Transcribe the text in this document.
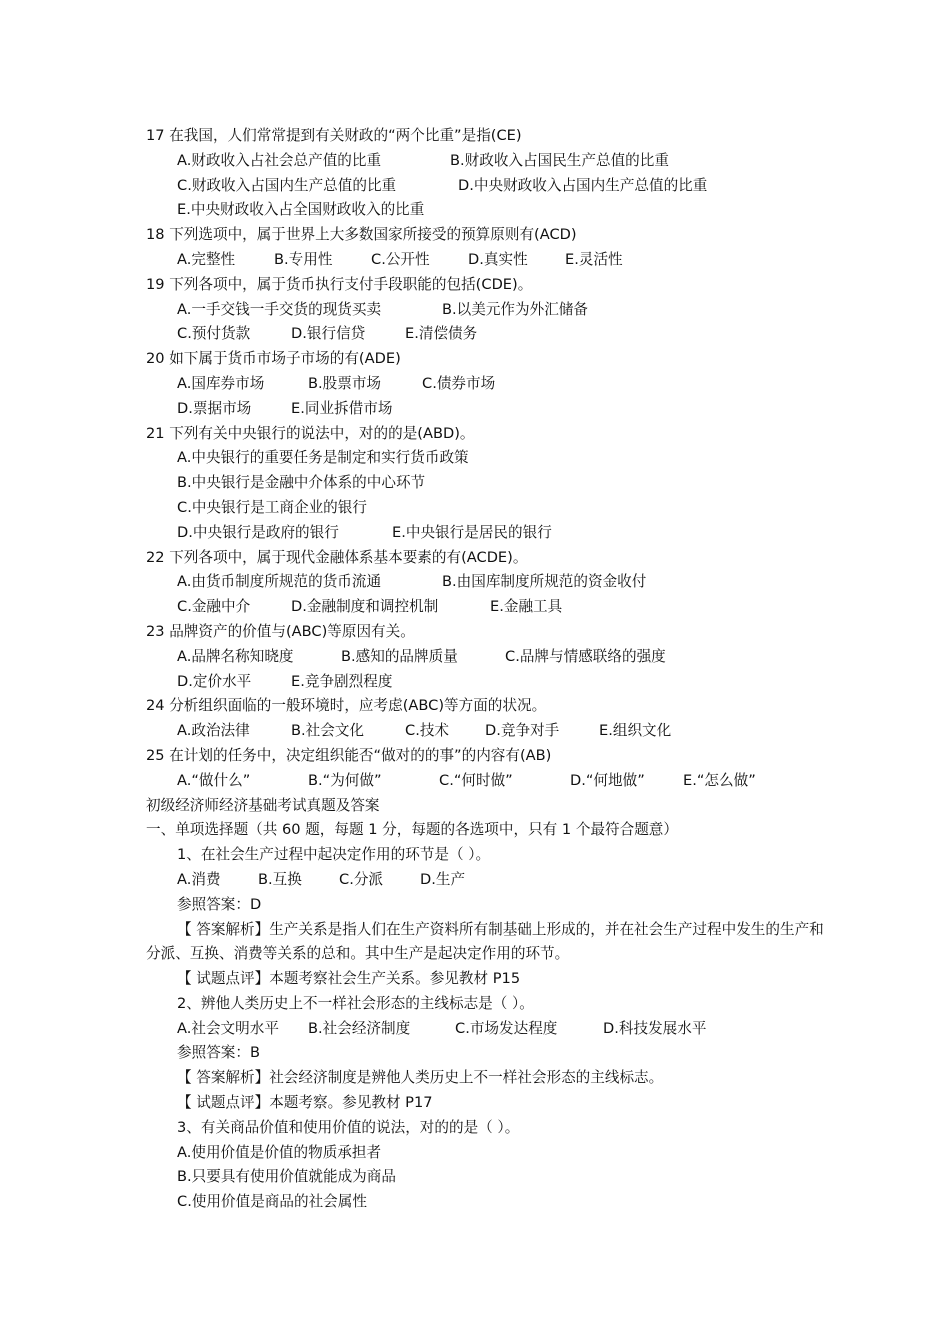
17 在我国，人们常常提到有关财政的“两个比重”是指(CE)
A.财政收入占社会总产值的比重	B.财政收入占国民生产总值的比重
C.财政收入占国内生产总值的比重	D.中央财政收入占国内生产总值的比重
E.中央财政收入占全国财政收入的比重
18 下列选项中，属于世界上大多数国家所接受的预算原则有(ACD)
A.完整性	B.专用性	C.公开性	D.真实性	E.灵活性
19 下列各项中，属于货币执行支付手段职能的包括(CDE)。
A.一手交钱一手交货的现货买卖	B.以美元作为外汇储备
C.预付货款	D.银行信贷	E.清偿债务
20 如下属于货币市场子市场的有(ADE)
A.国库券市场	B.股票市场	C.债券市场
D.票据市场	E.同业拆借市场
21 下列有关中央银行的说法中，对的的是(ABD)。
A.中央银行的重要任务是制定和实行货币政策
B.中央银行是金融中介体系的中心环节
C.中央银行是工商企业的银行
D.中央银行是政府的银行	E.中央银行是居民的银行
22 下列各项中，属于现代金融体系基本要素的有(ACDE)。
A.由货币制度所规范的货币流通	B.由国库制度所规范的资金收付
C.金融中介	D.金融制度和调控机制	E.金融工具
23 品牌资产的价值与(ABC)等原因有关。
A.品牌名称知晓度	B.感知的品牌质量	C.品牌与情感联络的强度
D.定价水平	E.竞争剧烈程度
24 分析组织面临的一般环境时，应考虑(ABC)等方面的状况。
A.政治法律	B.社会文化	C.技术 D.竞争对手	E.组织文化
25 在计划的任务中，决定组织能否“做对的的事”的内容有(AB)
A.“做什么”	B.“为何做”	C.“何时做”	D.“何地做”	E.“怎么做”
初级经济师经济基础考试真题及答案
一、单项选择题（共 60 题，每题 1 分，每题的各选项中，只有 1 个最符合题意）
1、在社会生产过程中起决定作用的环节是（ ）。
A.消费	B.互换	C.分派	D.生产
参照答案：D
【 答案解析】生产关系是指人们在生产资料所有制基础上形成的，并在社会生产过程中发生的生产和分派、互换、消费等关系的总和。其中生产是起决定作用的环节。
【 试题点评】本题考察社会生产关系。参见教材 P15
2、辨他人类历史上不一样社会形态的主线标志是（ ）。
A.社会文明水平 B.社会经济制度	C.市场发达程度	D.科技发展水平
参照答案：B
【 答案解析】社会经济制度是辨他人类历史上不一样社会形态的主线标志。
【 试题点评】本题考察。参见教材 P17
3、有关商品价值和使用价值的说法，对的的是（ ）。
A.使用价值是价值的物质承担者
B.只要具有使用价值就能成为商品
C.使用价值是商品的社会属性
